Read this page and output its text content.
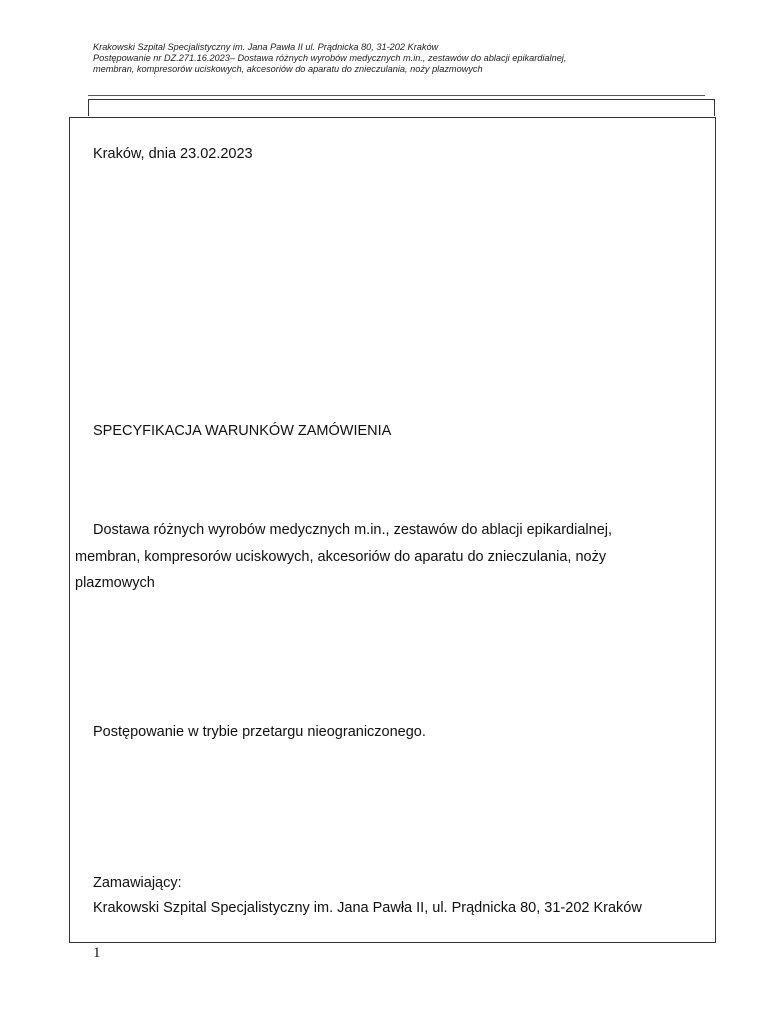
Krakowski Szpital Specjalistyczny im. Jana Pawła II ul. Prądnicka 80, 31-202 Kraków
Postępowanie nr DZ.271.16.2023– Dostawa różnych wyrobów medycznych m.in., zestawów do ablacji epikardialnej,
membran, kompresorów uciskowych, akcesoriów do aparatu do znieczulania, noży plazmowych
Kraków, dnia 23.02.2023
SPECYFIKACJA WARUNKÓW ZAMÓWIENIA
Dostawa różnych wyrobów medycznych m.in., zestawów do ablacji epikardialnej,
membran, kompresorów uciskowych, akcesoriów do aparatu do znieczulania, noży
plazmowych
Postępowanie w trybie przetargu nieograniczonego.
Zamawiający:
Krakowski Szpital Specjalistyczny im. Jana Pawła II, ul. Prądnicka 80, 31-202 Kraków
1
